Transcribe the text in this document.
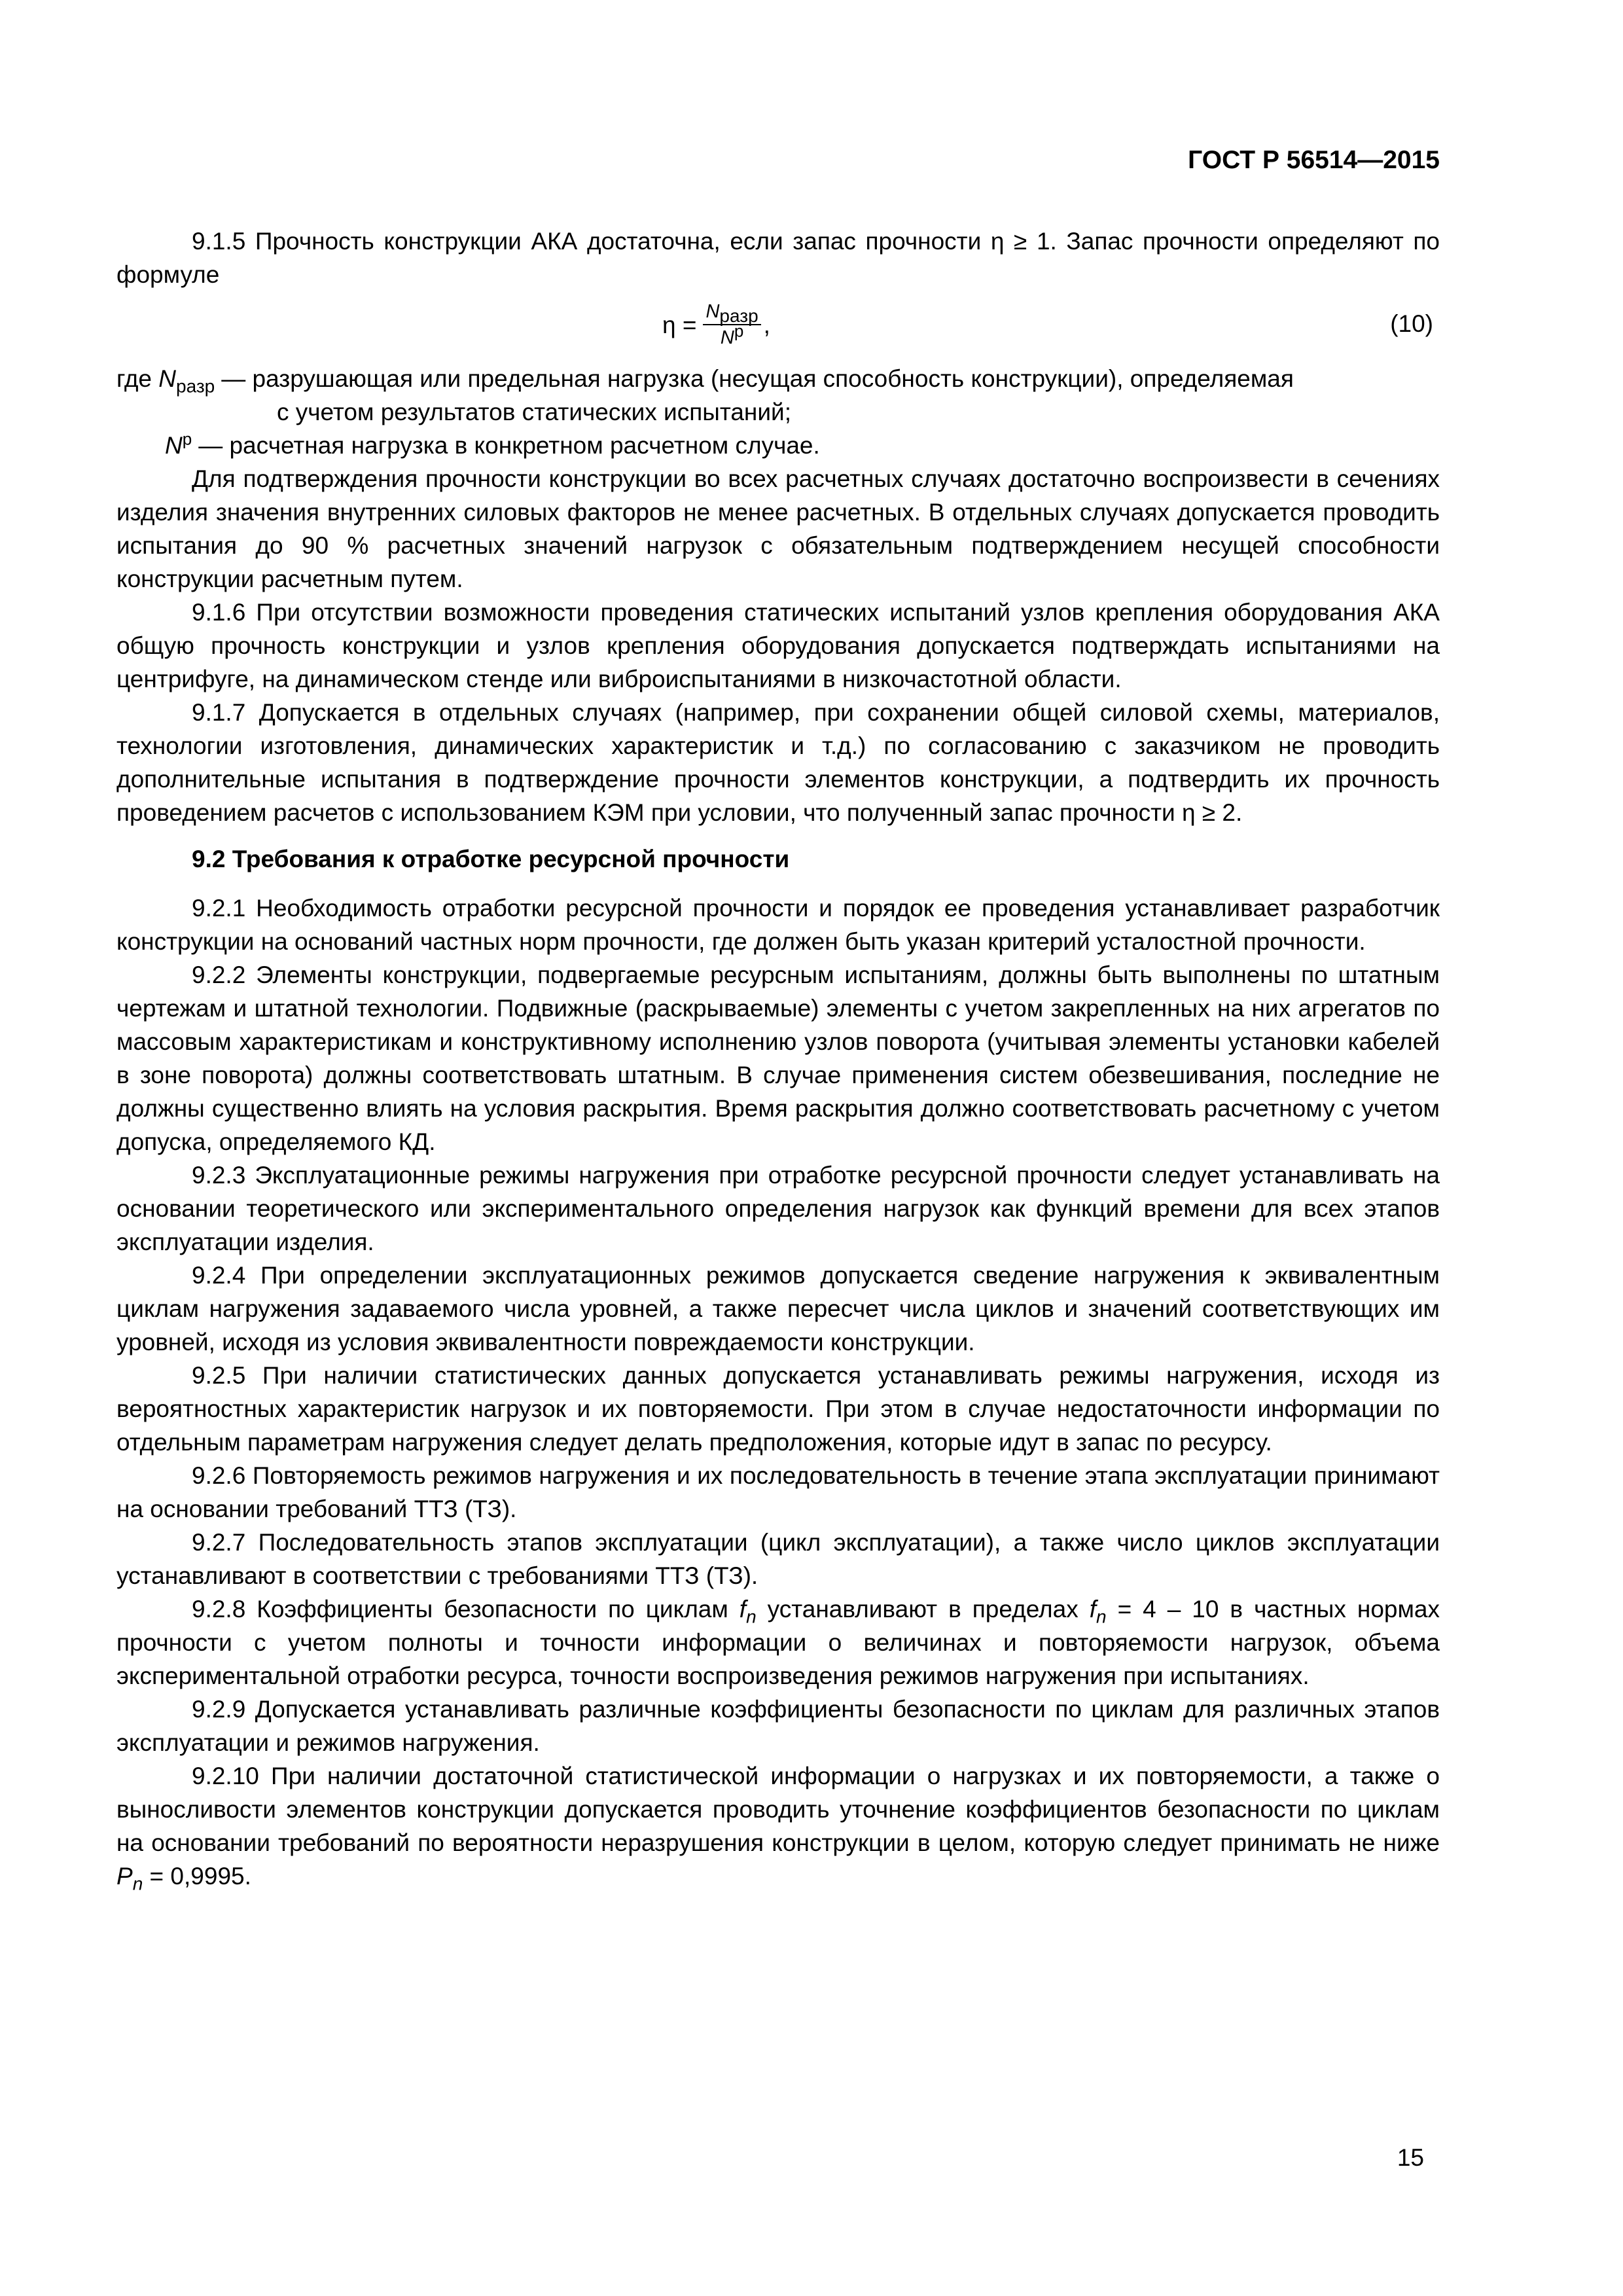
ГОСТ Р 56514—2015

9.1.5 Прочность конструкции АКА достаточна, если запас прочности η ≥ 1. Запас прочности определяют по формуле

$\eta = \frac{N_{разр}}{N^р}$ ,	(10)
где $N_{разр}$ — разрушающая или предельная нагрузка (несущая способность конструкции), определяемая
с учетом результатов статических испытаний;
$N^р$ — расчетная нагрузка в конкретном расчетном случае.

Для подтверждения прочности конструкции во всех расчетных случаях достаточно воспроизвести в сечениях изделия значения внутренних силовых факторов не менее расчетных. В отдельных случаях допускается проводить испытания до 90 % расчетных значений нагрузок с обязательным подтверждением несущей способности конструкции расчетным путем.

9.1.6 При отсутствии возможности проведения статических испытаний узлов крепления оборудования АКА общую прочность конструкции и узлов крепления оборудования допускается подтверждать испытаниями на центрифуге, на динамическом стенде или виброиспытаниями в низкочастотной области.

9.1.7 Допускается в отдельных случаях (например, при сохранении общей силовой схемы, материалов, технологии изготовления, динамических характеристик и т.д.) по согласованию с заказчиком не проводить дополнительные испытания в подтверждение прочности элементов конструкции, а подтвердить их прочность проведением расчетов с использованием КЭМ при условии, что полученный запас прочности η ≥ 2.

9.2 Требования к отработке ресурсной прочности

9.2.1 Необходимость отработки ресурсной прочности и порядок ее проведения устанавливает разработчик конструкции на оснований частных норм прочности, где должен быть указан критерий усталостной прочности.

9.2.2 Элементы конструкции, подвергаемые ресурсным испытаниям, должны быть выполнены по штатным чертежам и штатной технологии. Подвижные (раскрываемые) элементы с учетом закрепленных на них агрегатов по массовым характеристикам и конструктивному исполнению узлов поворота (учитывая элементы установки кабелей в зоне поворота) должны соответствовать штатным. В случае применения систем обезвешивания, последние не должны существенно влиять на условия раскрытия. Время раскрытия должно соответствовать расчетному с учетом допуска, определяемого КД.

9.2.3 Эксплуатационные режимы нагружения при отработке ресурсной прочности следует устанавливать на основании теоретического или экспериментального определения нагрузок как функций времени для всех этапов эксплуатации изделия.

9.2.4 При определении эксплуатационных режимов допускается сведение нагружения к эквивалентным циклам нагружения задаваемого числа уровней, а также пересчет числа циклов и значений соответствующих им уровней, исходя из условия эквивалентности повреждаемости конструкции.

9.2.5 При наличии статистических данных допускается устанавливать режимы нагружения, исходя из вероятностных характеристик нагрузок и их повторяемости. При этом в случае недостаточности информации по отдельным параметрам нагружения следует делать предположения, которые идут в запас по ресурсу.

9.2.6 Повторяемость режимов нагружения и их последовательность в течение этапа эксплуатации принимают на основании требований ТТЗ (ТЗ).

9.2.7 Последовательность этапов эксплуатации (цикл эксплуатации), а также число циклов эксплуатации устанавливают в соответствии с требованиями ТТЗ (ТЗ).

9.2.8 Коэффициенты безопасности по циклам $f_n$ устанавливают в пределах $f_n = 4 - 10$ в частных нормах прочности с учетом полноты и точности информации о величинах и повторяемости нагрузок, объема экспериментальной отработки ресурса, точности воспроизведения режимов нагружения при испытаниях.

9.2.9 Допускается устанавливать различные коэффициенты безопасности по циклам для различных этапов эксплуатации и режимов нагружения.

9.2.10 При наличии достаточной статистической информации о нагрузках и их повторяемости, а также о выносливости элементов конструкции допускается проводить уточнение коэффициентов безопасности по циклам на основании требований по вероятности неразрушения конструкции в целом, которую следует принимать не ниже $P_n = 0,9995$.

15
